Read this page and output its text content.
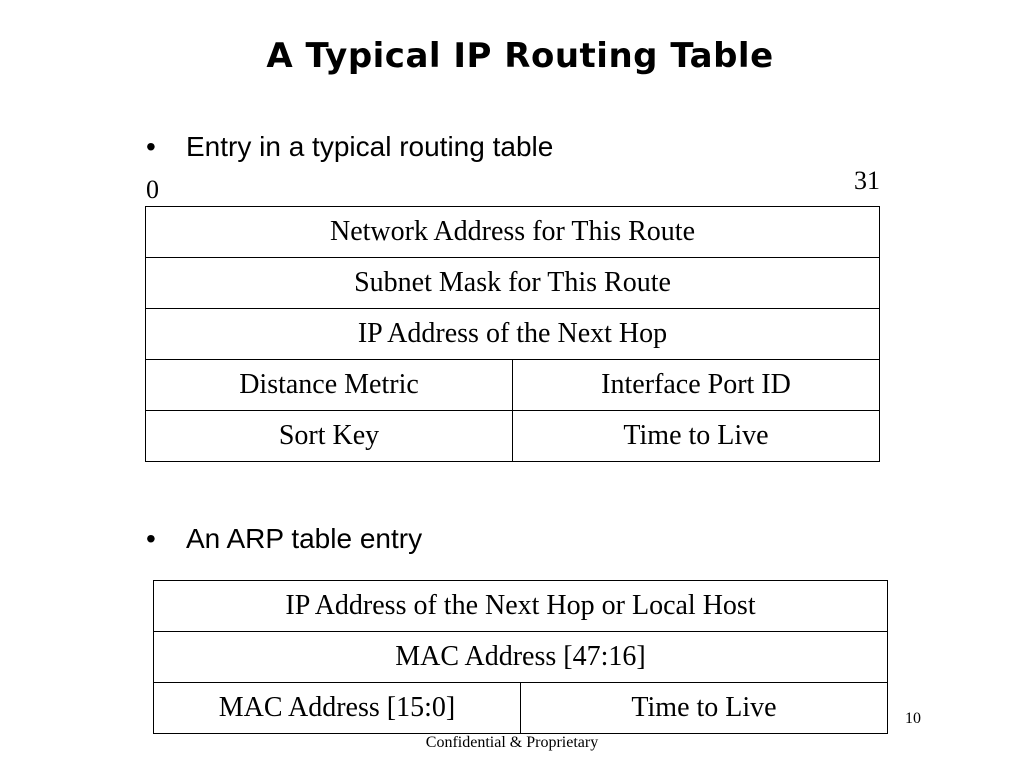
A Typical IP Routing Table
• Entry in a typical routing table
0	31
Network Address for This Route
Subnet Mask for This Route
IP Address of the Next Hop
Distance Metric	Interface Port ID
Sort Key	Time to Live
• An ARP table entry
IP Address of the Next Hop or Local Host
MAC Address [47:16]
MAC Address [15:0]	Time to Live	10
Confidential & Proprietary
